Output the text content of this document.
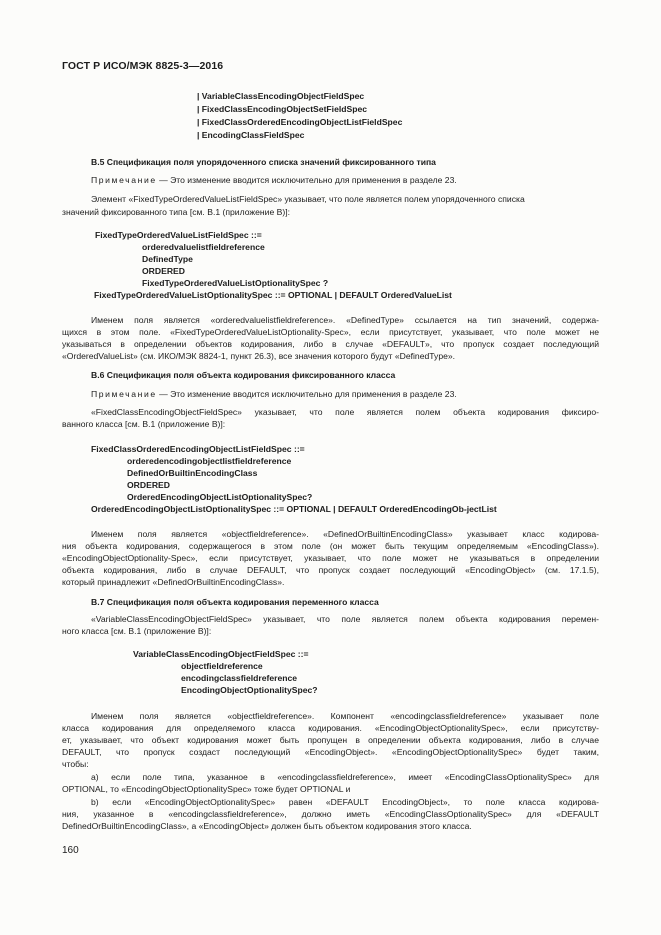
ГОСТ Р ИСО/МЭК 8825-3—2016
| VariableClassEncodingObjectFieldSpec
| FixedClassEncodingObjectSetFieldSpec
| FixedClassOrderedEncodingObjectListFieldSpec
| EncodingClassFieldSpec
В.5 Спецификация поля упорядоченного списка значений фиксированного типа
Примечание — Это изменение вводится исключительно для применения в разделе 23.
Элемент «FixedTypeOrderedValueListFieldSpec» указывает, что поле является полем упорядоченного списка
значений фиксированного типа [см. B.1 (приложение B)]:
FixedTypeOrderedValueListFieldSpec ::=
orderedvaluelistfieldreference
DefinedType
ORDERED
FixedTypeOrderedValueListOptionalitySpec ?
FixedTypeOrderedValueListOptionalitySpec ::= OPTIONAL | DEFAULT OrderedValueList
Именем поля является «orderedvaluelistfieldreference». «DefinedType» ссылается на тип значений, содержа-
щихся в этом поле. «FixedTypeOrderedValueListOptionality-Spec», если присутствует, указывает, что поле может не
указываться в определении объектов кодирования, либо в случае «DEFAULT», что пропуск создает последующий
«OrderedValueList» (см. ИКО/МЭК 8824-1, пункт 26.3), все значения которого будут «DefinedType».
В.6 Спецификация поля объекта кодирования фиксированного класса
Примечание — Это изменение вводится исключительно для применения в разделе 23.
«FixedClassEncodingObjectFieldSpec» указывает, что поле является полем объекта кодирования фиксиро-
ванного класса [см. B.1 (приложение B)]:
FixedClassOrderedEncodingObjectListFieldSpec ::=
orderedencodingobjectlistfieldreference
DefinedOrBuiltinEncodingClass
ORDERED
OrderedEncodingObjectListOptionalitySpec?
OrderedEncodingObjectListOptionalitySpec ::= OPTIONAL | DEFAULT OrderedEncodingOb-jectList
Именем поля является «objectfieldreference». «DefinedOrBuiltinEncodingClass» указывает класс кодирова-
ния объекта кодирования, содержащегося в этом поле (он может быть текущим определяемым «EncodingClass»).
«EncodingObjectOptionality-Spec», если присутствует, указывает, что поле может не указываться в определении
объекта кодирования, либо в случае DEFAULT, что пропуск создает последующий «EncodingObject» (см. 17.1.5),
который принадлежит «DefinedOrBuiltinEncodingClass».
В.7 Спецификация поля объекта кодирования переменного класса
«VariableClassEncodingObjectFieldSpec» указывает, что поле является полем объекта кодирования перемен-
ного класса [см. B.1 (приложение B)]:
VariableClassEncodingObjectFieldSpec ::=
objectfieldreference
encodingclassfieldreference
EncodingObjectOptionalitySpec?
Именем поля является «objectfieldreference». Компонент «encodingclassfieldreference» указывает поле
класса кодирования для определяемого класса кодирования. «EncodingObjectOptionalitySpec», если присутству-
ет, указывает, что объект кодирования может быть пропущен в определении объекта кодирования, либо в случае
DEFAULT, что пропуск создаст последующий «EncodingObject». «EncodingObjectOptionalitySpec» будет таким,
чтобы:
a) если поле типа, указанное в «encodingclassfieldreference», имеет «EncodingClassOptionalitySpec» для
OPTIONAL, то «EncodingObjectOptionalitySpec» тоже будет OPTIONAL и
b) если «EncodingObjectOptionalitySpec» равен «DEFAULT EncodingObject», то поле класса кодирова-
ния, указанное в «encodingclassfieldreference», должно иметь «EncodingClassOptionalitySpec» для «DEFAULT
DefinedOrBuiltinEncodingClass», а «EncodingObject» должен быть объектом кодирования этого класса.
160
